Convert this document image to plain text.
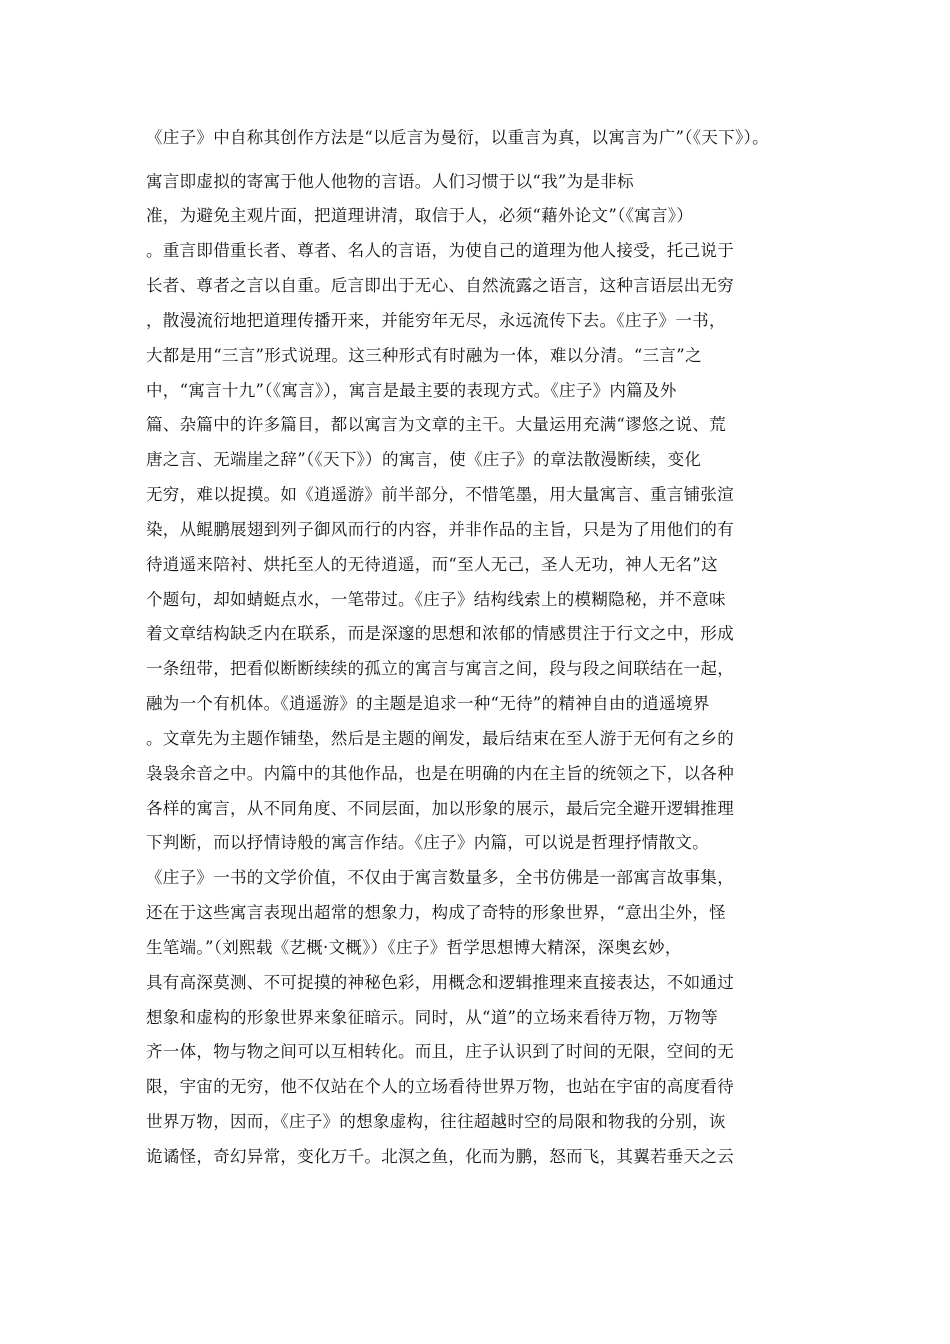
《庄子》中自称其创作方法是“以卮言为曼衍，以重言为真，以寓言为广”（《天下》）。
寓言即虚拟的寄寓于他人他物的言语。人们习惯于以“我”为是非标
准，为避免主观片面，把道理讲清，取信于人，必须“藉外论文”（《寓言》）
。重言即借重长者、尊者、名人的言语，为使自己的道理为他人接受，托己说于
长者、尊者之言以自重。卮言即出于无心、自然流露之语言，这种言语层出无穷
，散漫流衍地把道理传播开来，并能穷年无尽，永远流传下去。《庄子》一书，
大都是用“三言”形式说理。这三种形式有时融为一体，难以分清。“三言”之
中，“寓言十九”（《寓言》），寓言是最主要的表现方式。《庄子》内篇及外
篇、杂篇中的许多篇目，都以寓言为文章的主干。大量运用充满“谬悠之说、荒
唐之言、无端崖之辞”（《天下》）的寓言，使《庄子》的章法散漫断续，变化
无穷，难以捉摸。如《逍遥游》前半部分，不惜笔墨，用大量寓言、重言铺张渲
染，从鲲鹏展翅到列子御风而行的内容，并非作品的主旨，只是为了用他们的有
待逍遥来陪衬、烘托至人的无待逍遥，而“至人无己，圣人无功，神人无名”这
个题句，却如蜻蜓点水，一笔带过。《庄子》结构线索上的模糊隐秘，并不意味
着文章结构缺乏内在联系，而是深邃的思想和浓郁的情感贯注于行文之中，形成
一条纽带，把看似断断续续的孤立的寓言与寓言之间，段与段之间联结在一起，
融为一个有机体。《逍遥游》的主题是追求一种“无待”的精神自由的逍遥境界
。文章先为主题作铺垫，然后是主题的阐发，最后结束在至人游于无何有之乡的
袅袅余音之中。内篇中的其他作品，也是在明确的内在主旨的统领之下，以各种
各样的寓言，从不同角度、不同层面，加以形象的展示，最后完全避开逻辑推理
下判断，而以抒情诗般的寓言作结。《庄子》内篇，可以说是哲理抒情散文。
《庄子》一书的文学价值，不仅由于寓言数量多，全书仿佛是一部寓言故事集，
还在于这些寓言表现出超常的想象力，构成了奇特的形象世界，“意出尘外，怪
生笔端。”（刘熙载《艺概·文概》）《庄子》哲学思想博大精深，深奥玄妙，
具有高深莫测、不可捉摸的神秘色彩，用概念和逻辑推理来直接表达，不如通过
想象和虚构的形象世界来象征暗示。同时，从“道”的立场来看待万物，万物等
齐一体，物与物之间可以互相转化。而且，庄子认识到了时间的无限，空间的无
限，宇宙的无穷，他不仅站在个人的立场看待世界万物，也站在宇宙的高度看待
世界万物，因而，《庄子》的想象虚构，往往超越时空的局限和物我的分别，诙
诡谲怪，奇幻异常，变化万千。北溟之鱼，化而为鹏，怒而飞，其翼若垂天之云
